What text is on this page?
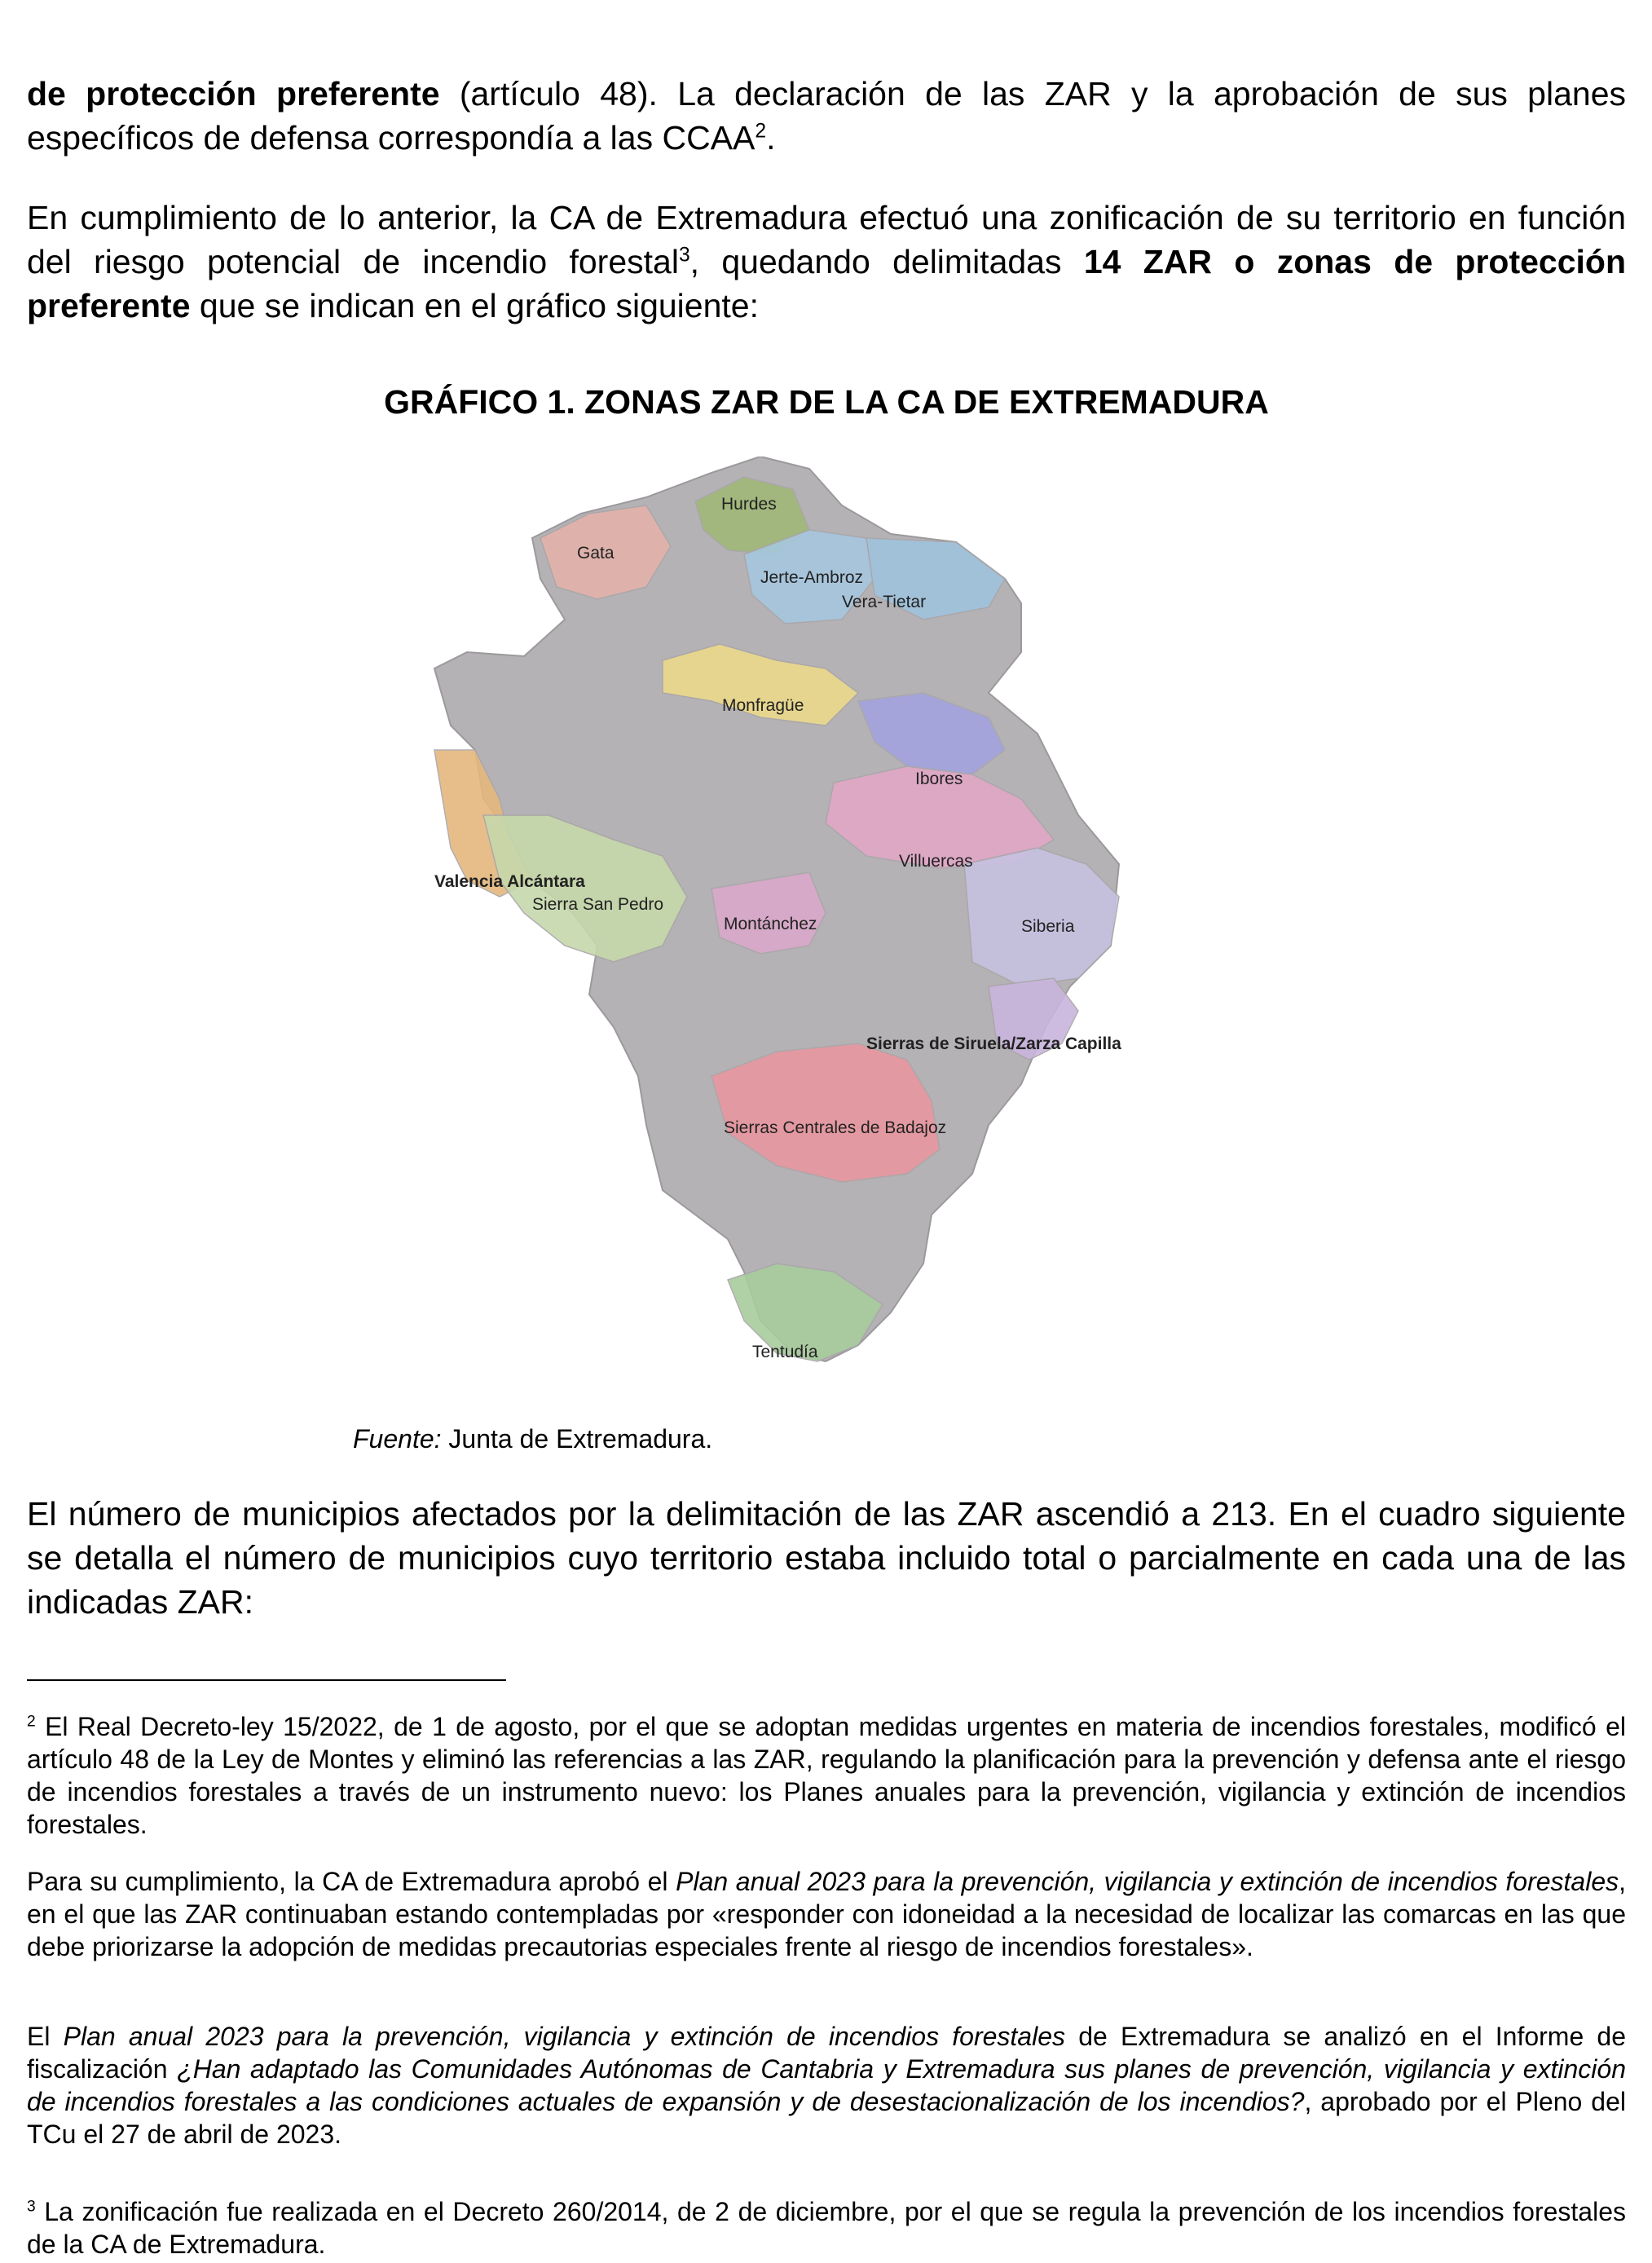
de protección preferente (artículo 48). La declaración de las ZAR y la aprobación de sus planes específicos de defensa correspondía a las CCAA$^2$.

En cumplimiento de lo anterior, la CA de Extremadura efectuó una zonificación de su territorio en función del riesgo potencial de incendio forestal$^3$, quedando delimitadas 14 ZAR o zonas de protección preferente que se indican en el gráfico siguiente:

GRÁFICO 1. ZONAS ZAR DE LA CA DE EXTREMADURA
Hurdes
Gata
Jerte-Ambroz
Vera-Tietar
Monfragüe
Ibores
Villuercas
Valencia Alcántara
Sierra San Pedro
Montánchez	Siberia
Sierras de Siruela/Zarza Capilla
Sierras Centrales de Badajoz
Tentudía
Fuente: Junta de Extremadura.

El número de municipios afectados por la delimitación de las ZAR ascendió a 213. En el cuadro siguiente se detalla el número de municipios cuyo territorio estaba incluido total o parcialmente en cada una de las indicadas ZAR:

$^2$ El Real Decreto-ley 15/2022, de 1 de agosto, por el que se adoptan medidas urgentes en materia de incendios forestales, modificó el artículo 48 de la Ley de Montes y eliminó las referencias a las ZAR, regulando la planificación para la prevención y defensa ante el riesgo de incendios forestales a través de un instrumento nuevo: los Planes anuales para la prevención, vigilancia y extinción de incendios forestales.

Para su cumplimiento, la CA de Extremadura aprobó el Plan anual 2023 para la prevención, vigilancia y extinción de incendios forestales, en el que las ZAR continuaban estando contempladas por «responder con idoneidad a la necesidad de localizar las comarcas en las que debe priorizarse la adopción de medidas precautorias especiales frente al riesgo de incendios forestales».

El Plan anual 2023 para la prevención, vigilancia y extinción de incendios forestales de Extremadura se analizó en el Informe de fiscalización ¿Han adaptado las Comunidades Autónomas de Cantabria y Extremadura sus planes de prevención, vigilancia y extinción de incendios forestales a las condiciones actuales de expansión y de desestacionalización de los incendios?, aprobado por el Pleno del TCu el 27 de abril de 2023.

$^3$ La zonificación fue realizada en el Decreto 260/2014, de 2 de diciembre, por el que se regula la prevención de los incendios forestales de la CA de Extremadura.
